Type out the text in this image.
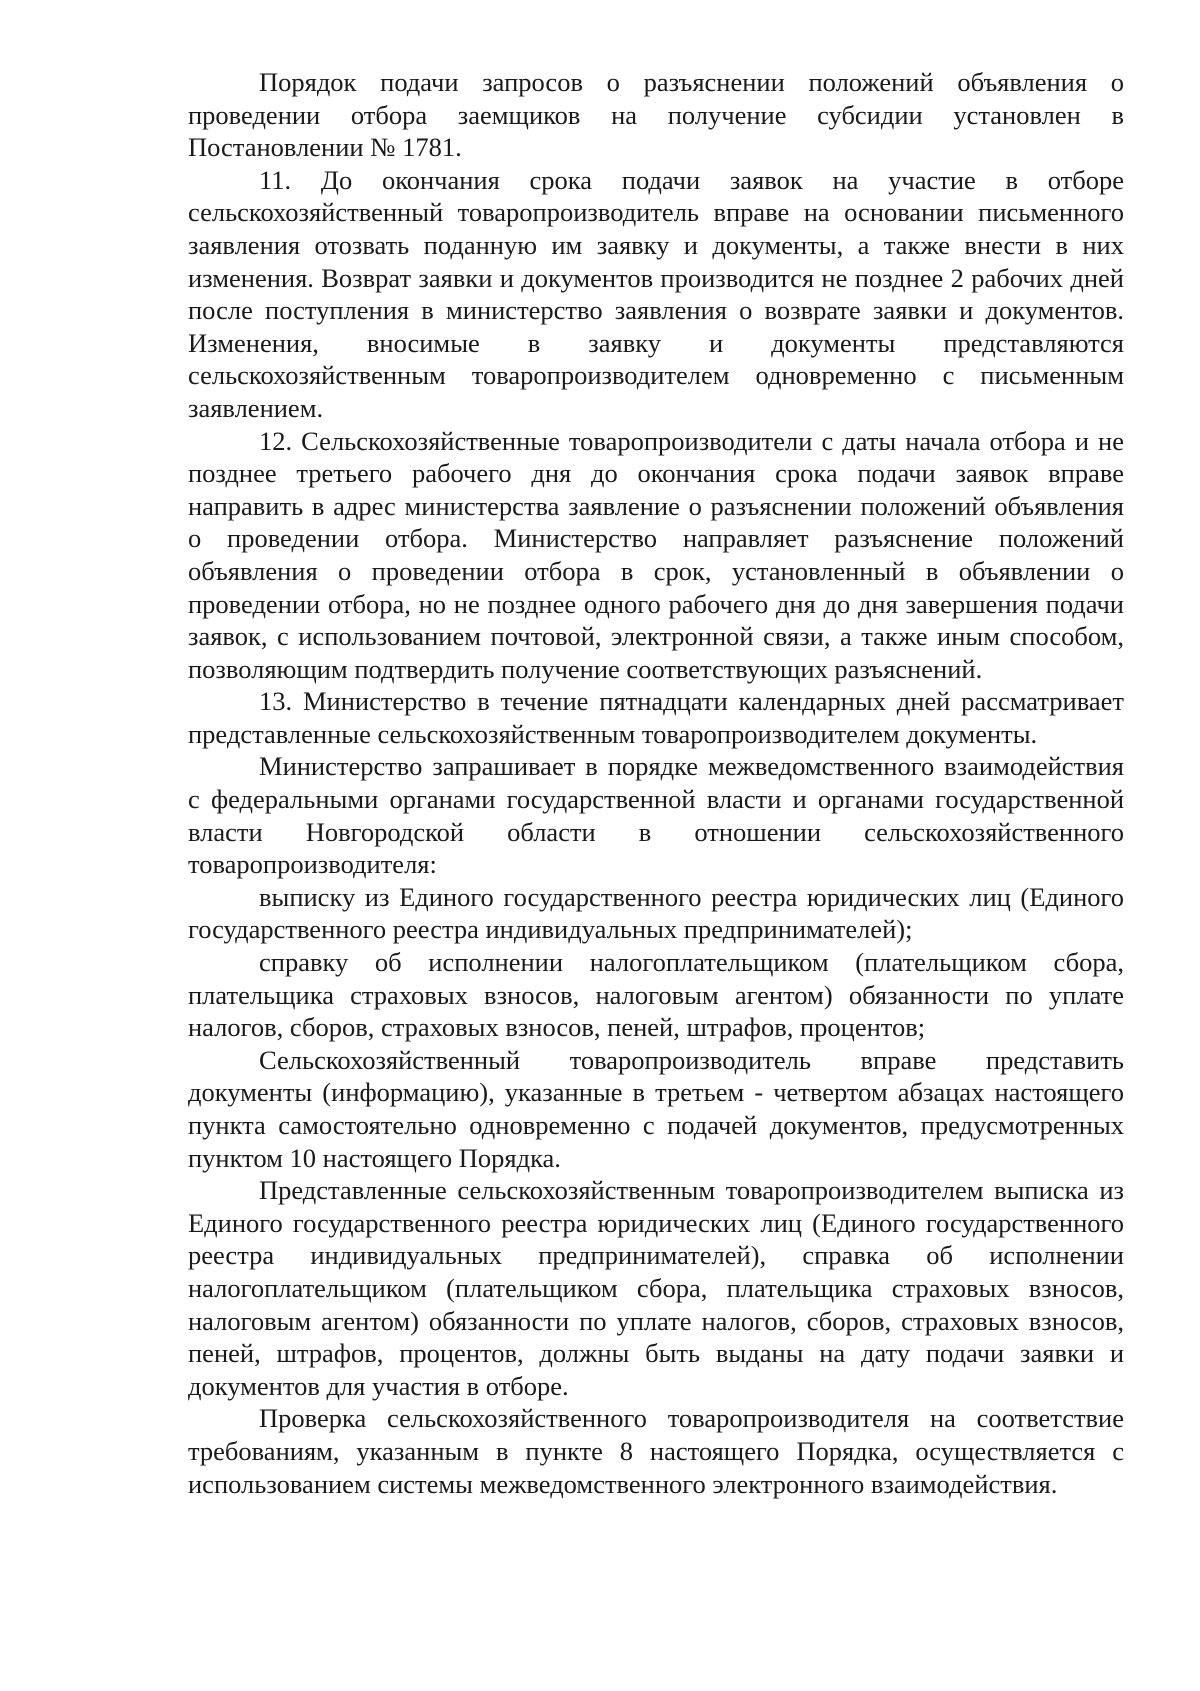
Порядок подачи запросов о разъяснении положений объявления о проведении отбора заемщиков на получение субсидии установлен в Постановлении № 1781.

11. До окончания срока подачи заявок на участие в отборе сельскохозяйственный товаропроизводитель вправе на основании письменного заявления отозвать поданную им заявку и документы, а также внести в них изменения. Возврат заявки и документов производится не позднее 2 рабочих дней после поступления в министерство заявления о возврате заявки и документов. Изменения, вносимые в заявку и документы представляются сельскохозяйственным товаропроизводителем одновременно с письменным заявлением.

12. Сельскохозяйственные товаропроизводители с даты начала отбора и не позднее третьего рабочего дня до окончания срока подачи заявок вправе направить в адрес министерства заявление о разъяснении положений объявления о проведении отбора. Министерство направляет разъяснение положений объявления о проведении отбора в срок, установленный в объявлении о проведении отбора, но не позднее одного рабочего дня до дня завершения подачи заявок, с использованием почтовой, электронной связи, а также иным способом, позволяющим подтвердить получение соответствующих разъяснений.

13. Министерство в течение пятнадцати календарных дней рассматривает представленные сельскохозяйственным товаропроизводителем документы.

Министерство запрашивает в порядке межведомственного взаимодействия с федеральными органами государственной власти и органами государственной власти Новгородской области в отношении сельскохозяйственного товаропроизводителя:

выписку из Единого государственного реестра юридических лиц (Единого государственного реестра индивидуальных предпринимателей);

справку об исполнении налогоплательщиком (плательщиком сбора, плательщика страховых взносов, налоговым агентом) обязанности по уплате налогов, сборов, страховых взносов, пеней, штрафов, процентов;

Сельскохозяйственный товаропроизводитель вправе представить документы (информацию), указанные в третьем - четвертом абзацах настоящего пункта самостоятельно одновременно с подачей документов, предусмотренных пунктом 10 настоящего Порядка.

Представленные сельскохозяйственным товаропроизводителем выписка из Единого государственного реестра юридических лиц (Единого государственного реестра индивидуальных предпринимателей), справка об исполнении налогоплательщиком (плательщиком сбора, плательщика страховых взносов, налоговым агентом) обязанности по уплате налогов, сборов, страховых взносов, пеней, штрафов, процентов, должны быть выданы на дату подачи заявки и документов для участия в отборе.

Проверка сельскохозяйственного товаропроизводителя на соответствие требованиям, указанным в пункте 8 настоящего Порядка, осуществляется с использованием системы межведомственного электронного взаимодействия.
